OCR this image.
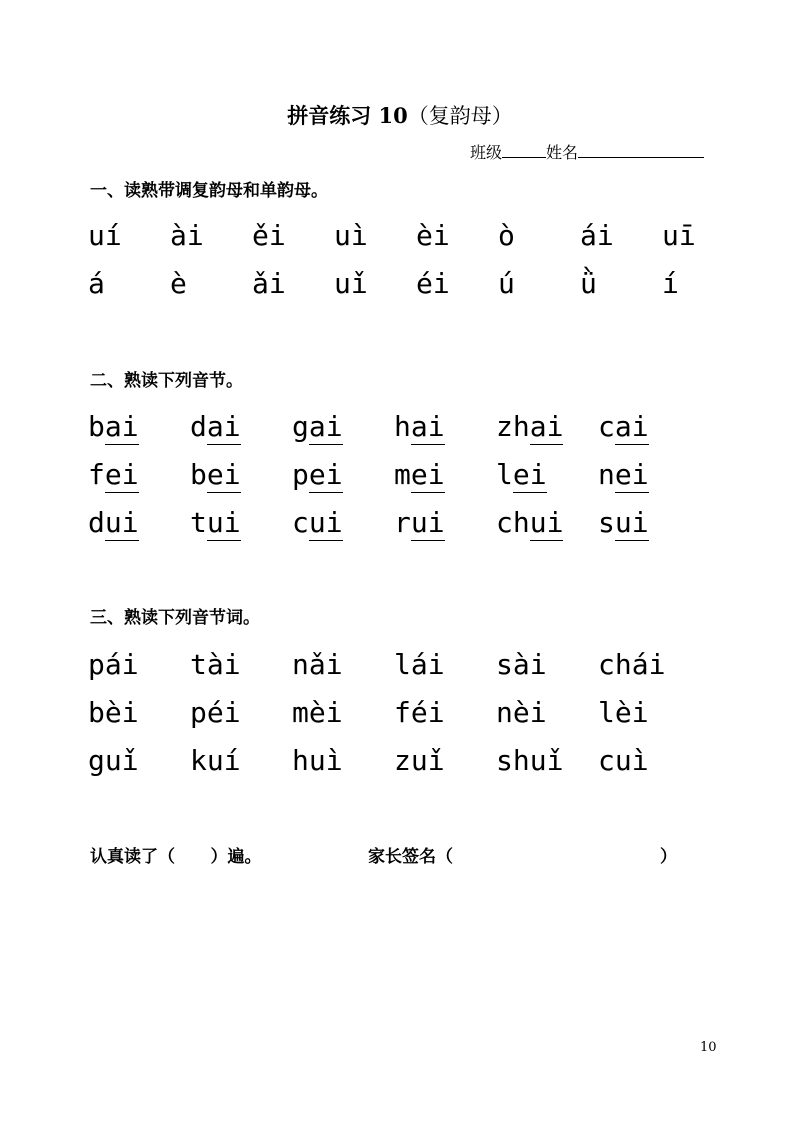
拼音练习 10（复韵母）
班级	姓名
一、读熟带调复韵母和单韵母。
uí	ài	ěi	uì	èi	ò	ái	uī
á	è	ǎi	uǐ	éi	ú	ǜ	í
二、熟读下列音节。
bai	dai	gai	hai	zhai	cai
fei	bei	pei	mei	lei	nei
dui	tui	cui	rui	chui	sui
三、熟读下列音节词。
pái	tài	nǎi	lái	sài	chái
bèi	péi	mèi	féi	nèi	lèi
guǐ	kuí	huì	zuǐ	shuǐ	cuì
认真读了（      ）遍。	家长签名（	）
10
